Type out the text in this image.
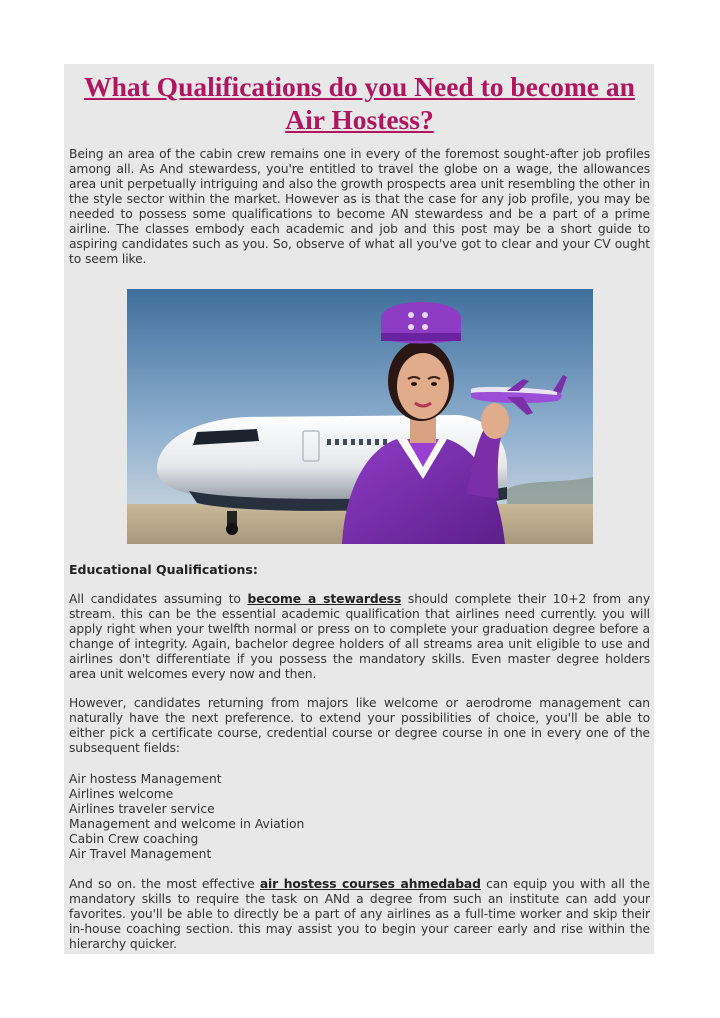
What Qualifications do you Need to become an Air Hostess?

Being an area of the cabin crew remains one in every of the foremost sought-after job profiles among all. As And stewardess, you're entitled to travel the globe on a wage, the allowances area unit perpetually intriguing and also the growth prospects area unit resembling the other in the style sector within the market. However as is that the case for any job profile, you may be needed to possess some qualifications to become AN stewardess and be a part of a prime airline. The classes embody each academic and job and this post may be a short guide to aspiring candidates such as you. So, observe of what all you've got to clear and your CV ought to seem like.

Educational Qualifications:

All candidates assuming to become a stewardess should complete their 10+2 from any stream. this can be the essential academic qualification that airlines need currently. you will apply right when your twelfth normal or press on to complete your graduation degree before a change of integrity. Again, bachelor degree holders of all streams area unit eligible to use and airlines don't differentiate if you possess the mandatory skills. Even master degree holders area unit welcomes every now and then.

However, candidates returning from majors like welcome or aerodrome management can naturally have the next preference. to extend your possibilities of choice, you'll be able to either pick a certificate course, credential course or degree course in one in every one of the subsequent fields:

Air hostess Management
Airlines welcome
Airlines traveler service
Management and welcome in Aviation
Cabin Crew coaching
Air Travel Management

And so on. the most effective air hostess courses ahmedabad can equip you with all the mandatory skills to require the task on ANd a degree from such an institute can add your favorites. you'll be able to directly be a part of any airlines as a full-time worker and skip their in-house coaching section. this may assist you to begin your career early and rise within the hierarchy quicker.
